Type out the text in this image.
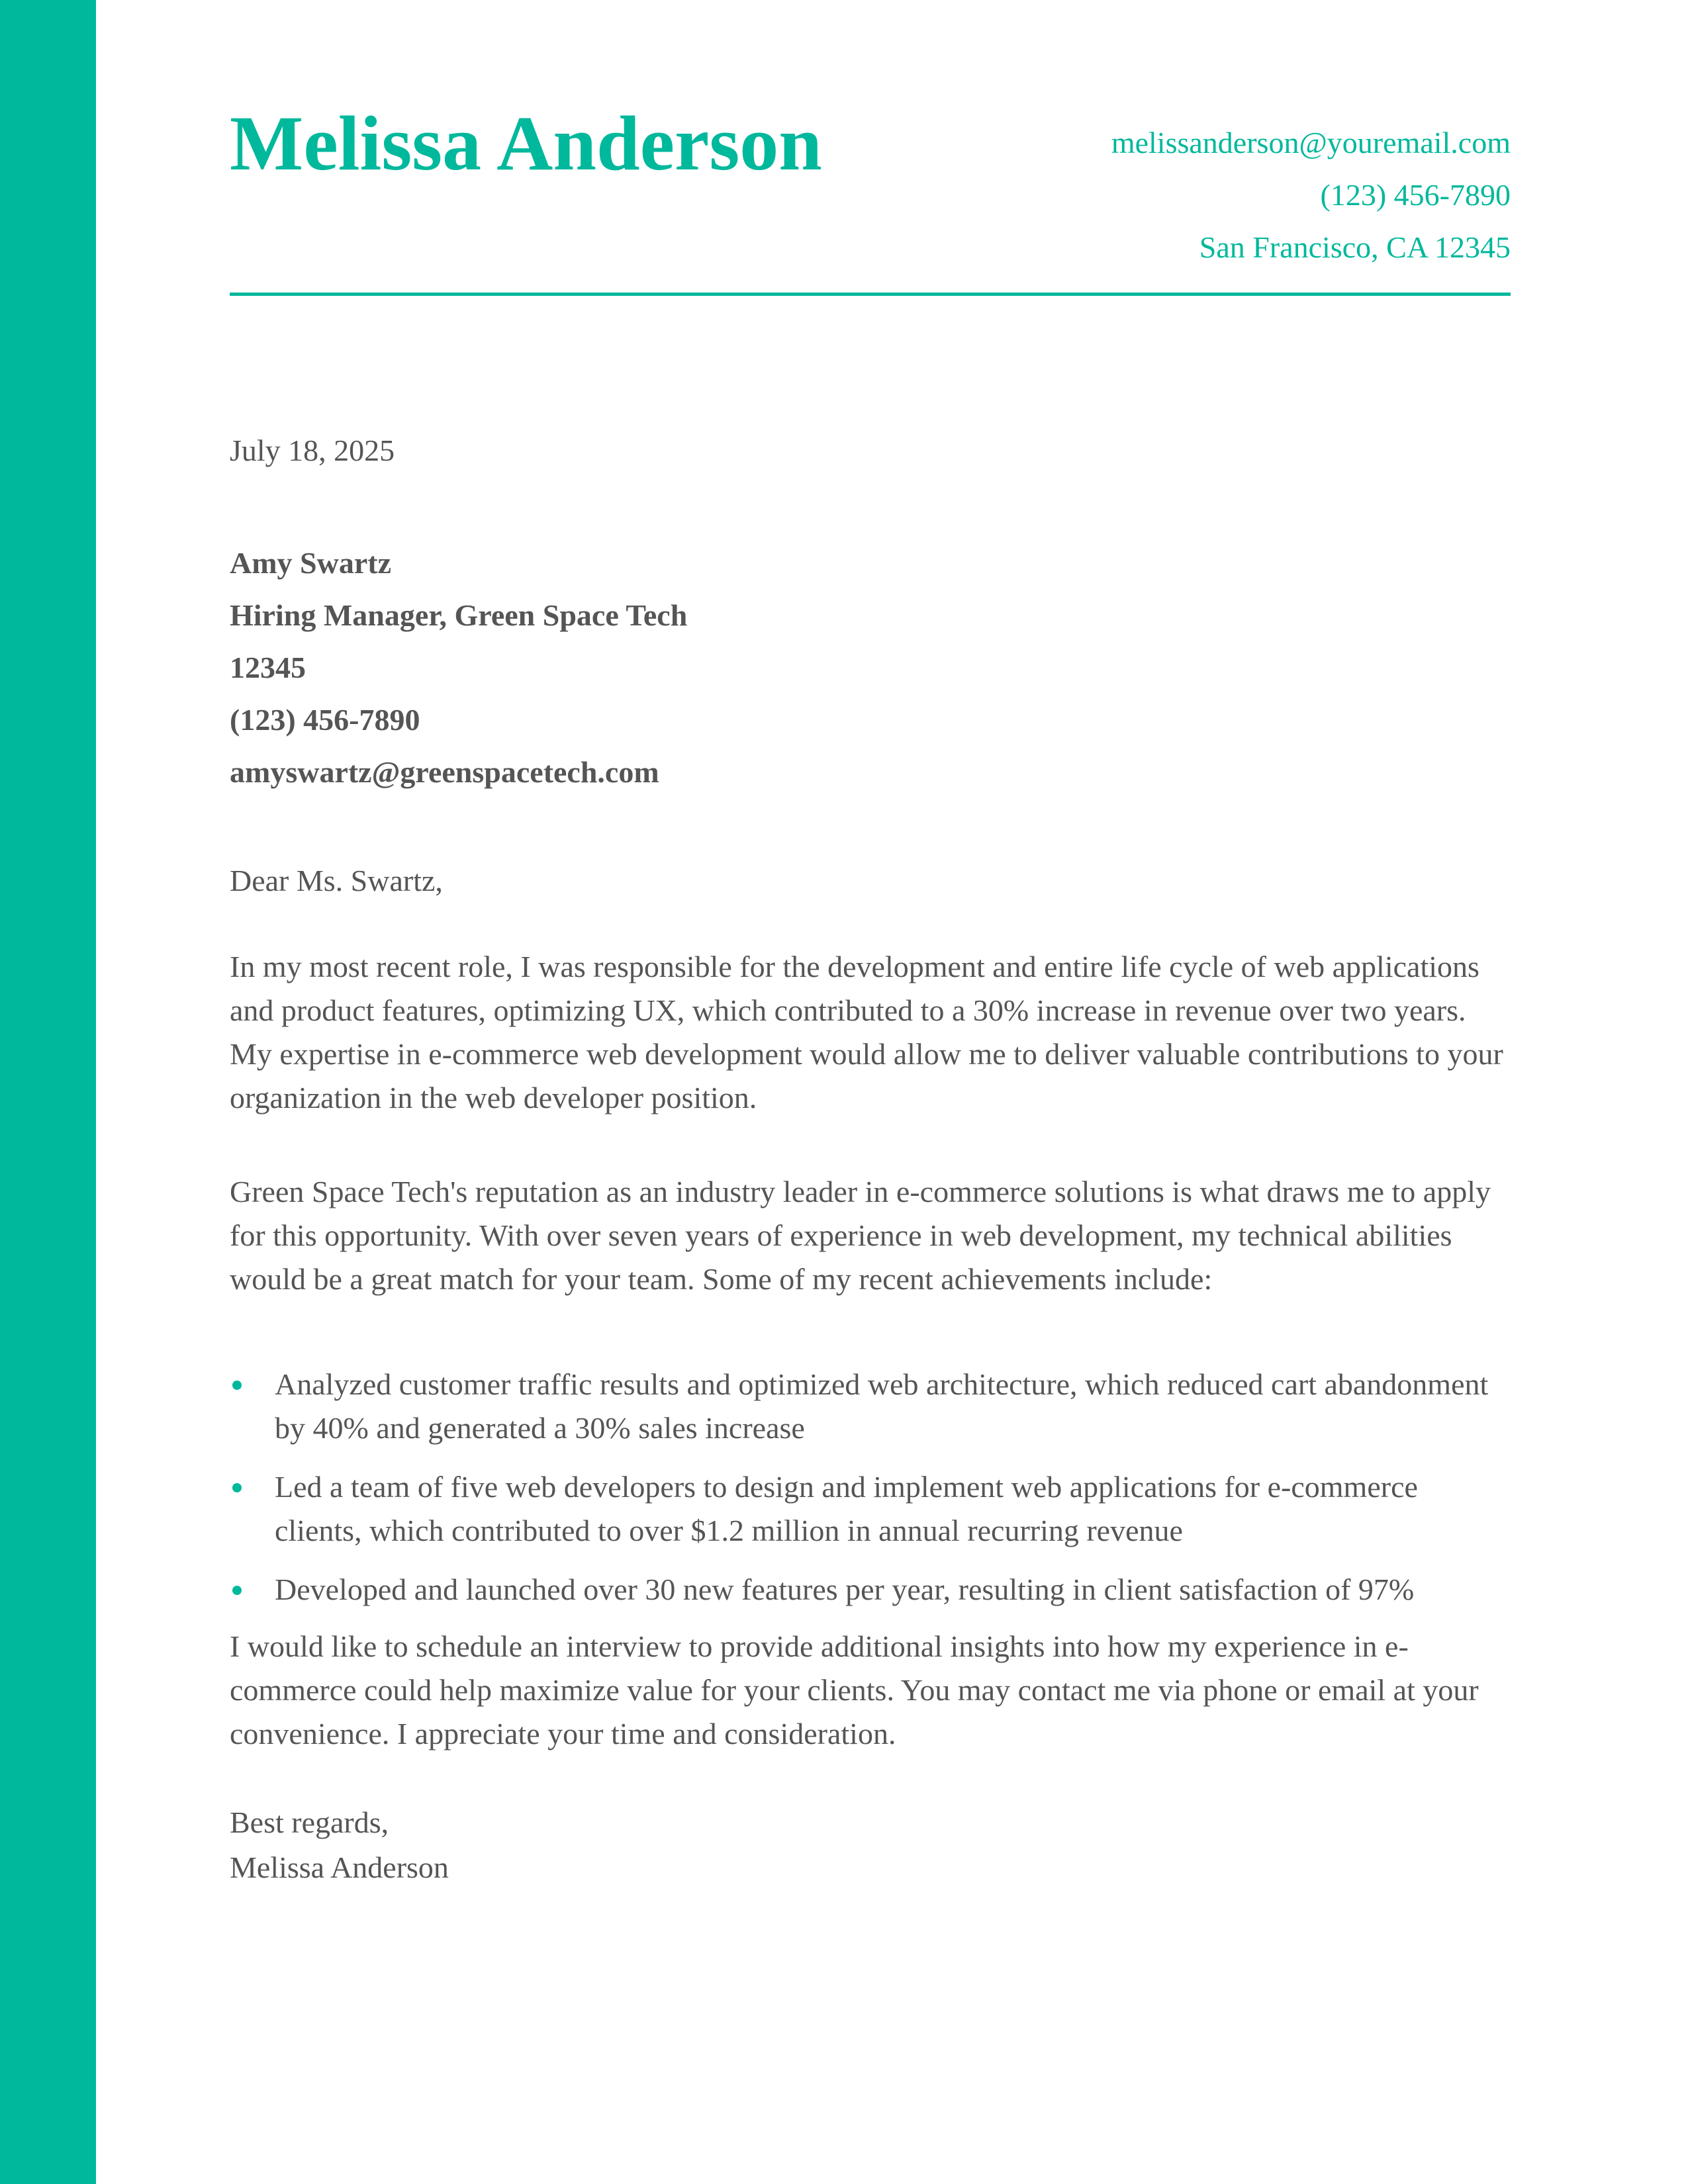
Melissa Anderson	melissanderson@youremail.com
(123) 456-7890
San Francisco, CA 12345
July 18, 2025
Amy Swartz
Hiring Manager, Green Space Tech
12345
(123) 456-7890
amyswartz@greenspacetech.com
Dear Ms. Swartz,
In my most recent role, I was responsible for the development and entire life cycle of web applications and product features, optimizing UX, which contributed to a 30% increase in revenue over two years. My expertise in e-commerce web development would allow me to deliver valuable contributions to your organization in the web developer position.
Green Space Tech's reputation as an industry leader in e-commerce solutions is what draws me to apply for this opportunity. With over seven years of experience in web development, my technical abilities would be a great match for your team. Some of my recent achievements include:
Analyzed customer traffic results and optimized web architecture, which reduced cart abandonment by 40% and generated a 30% sales increase
Led a team of five web developers to design and implement web applications for e-commerce clients, which contributed to over $1.2 million in annual recurring revenue
Developed and launched over 30 new features per year, resulting in client satisfaction of 97%
I would like to schedule an interview to provide additional insights into how my experience in e-commerce could help maximize value for your clients. You may contact me via phone or email at your convenience. I appreciate your time and consideration.
Best regards,
Melissa Anderson
